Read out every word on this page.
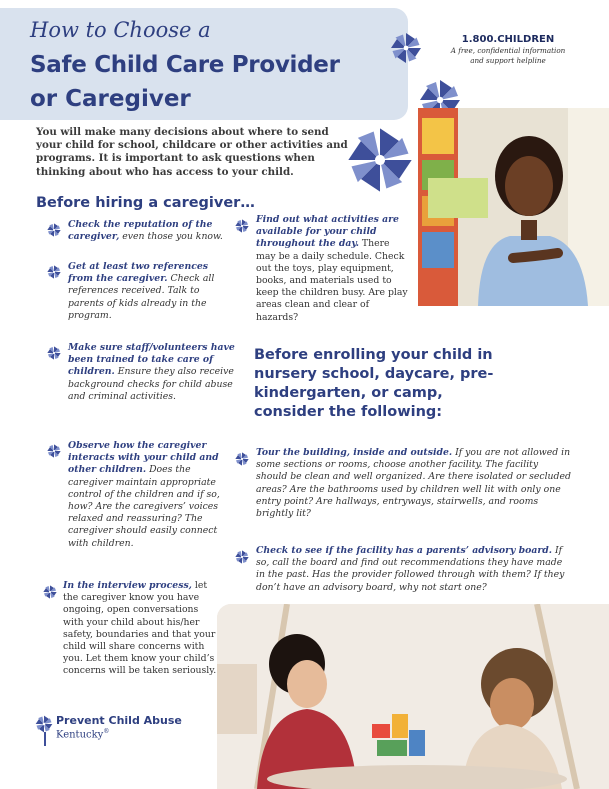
How to Choose a
Safe Child Care Provider
or Caregiver
1.800.CHILDREN
A free, confidential information
and support helpline
You will make many decisions about where to send your child for school, childcare or other activities and programs. It is important to ask questions when thinking about who has access to your child.
Before hiring a caregiver…
Check the reputation of the caregiver, even those you know.
Get at least two references from the caregiver. Check all references received. Talk to parents of kids already in the program.
Make sure staff/volunteers have been trained to take care of children. Ensure they also receive background checks for child abuse and criminal activities.
Observe how the caregiver interacts with your child and other children. Does the caregiver maintain appropriate control of the children and if so, how? Are the caregivers’ voices relaxed and reassuring? The caregiver should easily connect with children.
In the interview process, let the caregiver know you have ongoing, open conversations with your child about his/her safety, boundaries and that your child will share concerns with you. Let them know your child’s concerns will be taken seriously.
Find out what activities are available for your child throughout the day. There may be a daily schedule. Check out the toys, play equipment, books, and materials used to keep the children busy. Are play areas clean and clear of hazards?
Before enrolling your child in nursery school, daycare, pre-kindergarten, or camp, consider the following:
Tour the building, inside and outside. If you are not allowed in some sections or rooms, choose another facility. The facility should be clean and well organized. Are there isolated or secluded areas? Are the bathrooms used by children well lit with only one entry point? Are hallways, entryways, stairwells, and rooms brightly lit?
Check to see if the facility has a parents’ advisory board. If so, call the board and find out recommendations they have made in the past. Has the provider followed through with them? If they don’t have an advisory board, why not start one?
Prevent Child Abuse
Kentucky®
